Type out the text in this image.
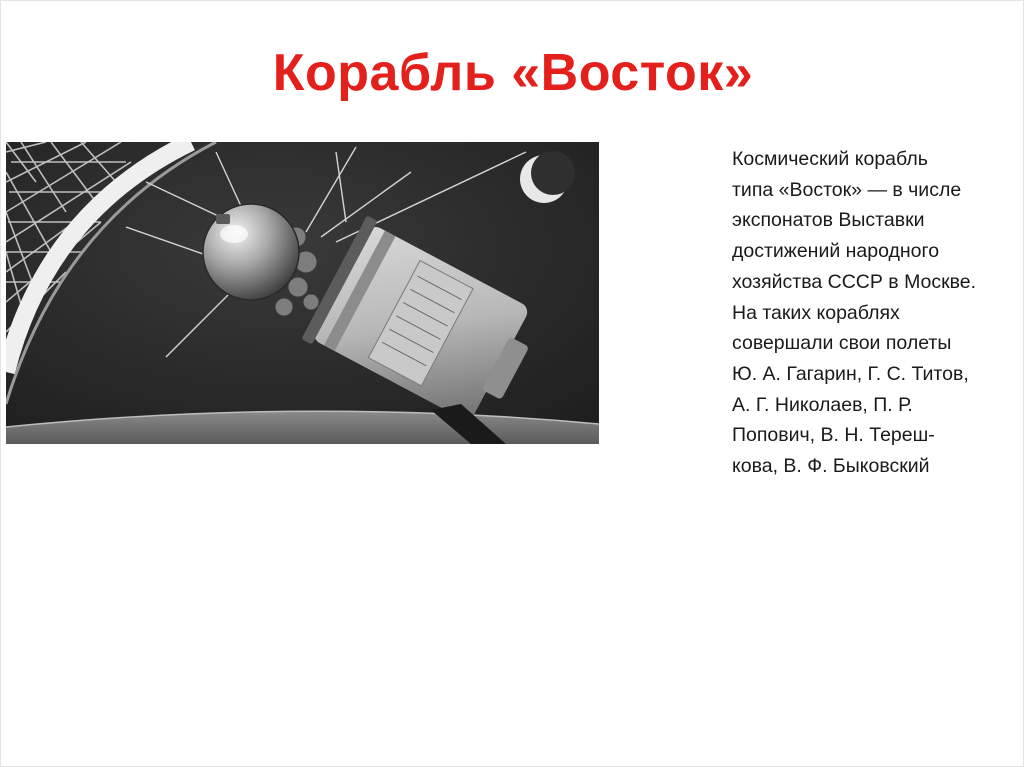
Корабль «Восток»

Космический корабль
типа «Восток» — в числе
экспонатов Выставки
достижений народного
хозяйства СССР в Москве.
На таких кораблях
совершали свои полеты
Ю. А. Гагарин, Г. С. Титов,
А. Г. Николаев, П. Р.
Попович, В. Н. Тереш-
кова, В. Ф. Быковский
